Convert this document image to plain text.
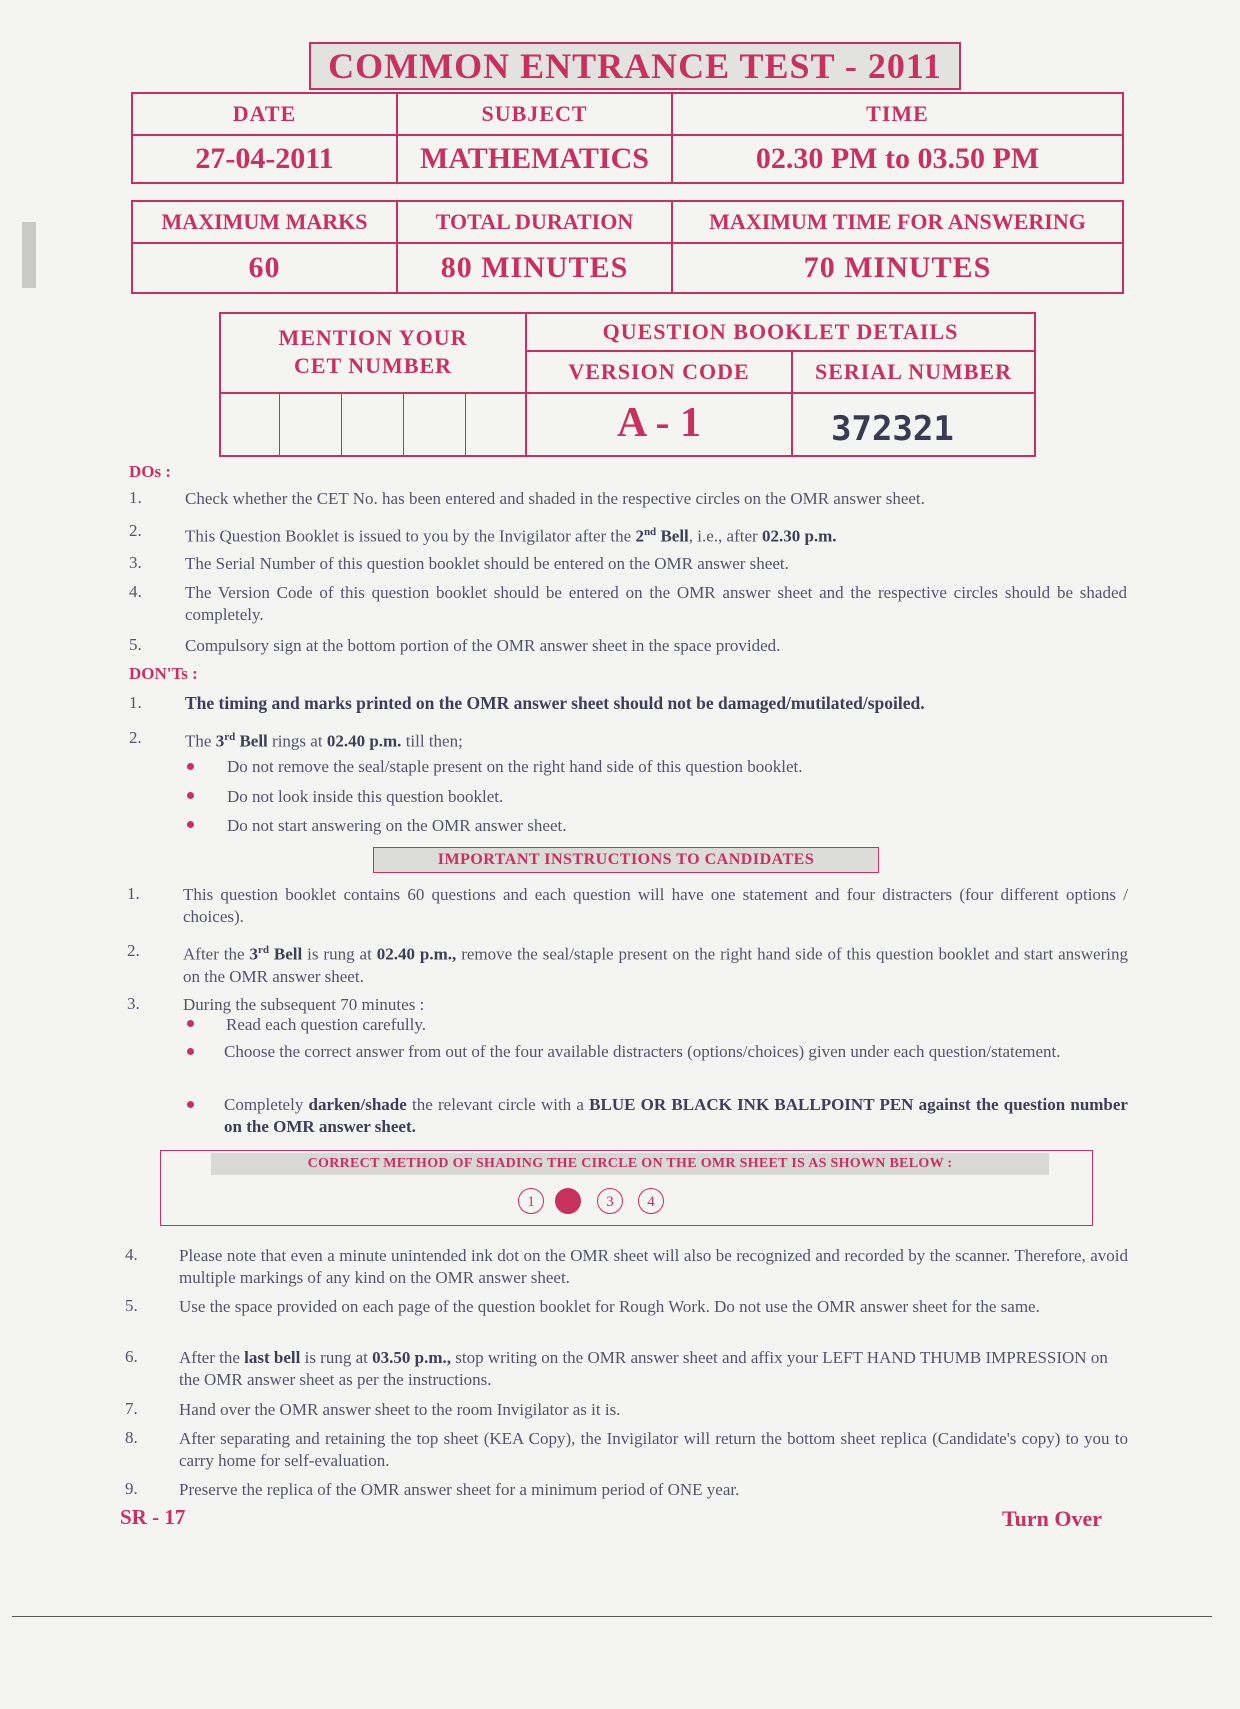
COMMON ENTRANCE TEST - 2011
DATE	SUBJECT	TIME
27-04-2011	MATHEMATICS	02.30 PM to 03.50 PM
MAXIMUM MARKS	TOTAL DURATION	MAXIMUM TIME FOR ANSWERING
60	80 MINUTES	70 MINUTES
MENTION YOUR
CET NUMBER
QUESTION BOOKLET DETAILS
VERSION CODE	SERIAL NUMBER
A - 1	372321
DOs :
1.	Check whether the CET No. has been entered and shaded in the respective circles on the OMR answer sheet.
2.	This Question Booklet is issued to you by the Invigilator after the 2nd Bell, i.e., after 02.30 p.m.
3.	The Serial Number of this question booklet should be entered on the OMR answer sheet.
4.	The Version Code of this question booklet should be entered on the OMR answer sheet and the respective circles should be shaded completely.
5.	Compulsory sign at the bottom portion of the OMR answer sheet in the space provided.
DON'Ts :
1. The timing and marks printed on the OMR answer sheet should not be damaged/mutilated/spoiled.
2.	The 3rd Bell rings at 02.40 p.m. till then;
Do not remove the seal/staple present on the right hand side of this question booklet.
Do not look inside this question booklet.
Do not start answering on the OMR answer sheet.
IMPORTANT INSTRUCTIONS TO CANDIDATES
1.	This question booklet contains 60 questions and each question will have one statement and four distracters (four different options / choices).
2.	After the 3rd Bell is rung at 02.40 p.m., remove the seal/staple present on the right hand side of this question booklet and start answering on the OMR answer sheet.
3.	During the subsequent 70 minutes :
Read each question carefully.
Choose the correct answer from out of the four available distracters (options/choices) given under each question/statement.
Completely darken/shade the relevant circle with a BLUE OR BLACK INK BALLPOINT PEN against the question number on the OMR answer sheet.
CORRECT METHOD OF SHADING THE CIRCLE ON THE OMR SHEET IS AS SHOWN BELOW :
1	3	4
4. Please note that even a minute unintended ink dot on the OMR sheet will also be recognized and recorded by the scanner. Therefore, avoid multiple markings of any kind on the OMR answer sheet.
5. Use the space provided on each page of the question booklet for Rough Work. Do not use the OMR answer sheet for the same.
6. After the last bell is rung at 03.50 p.m., stop writing on the OMR answer sheet and affix your LEFT HAND THUMB IMPRESSION on the OMR answer sheet as per the instructions.
7. Hand over the OMR answer sheet to the room Invigilator as it is.
8. After separating and retaining the top sheet (KEA Copy), the Invigilator will return the bottom sheet replica (Candidate's copy) to you to carry home for self-evaluation.
9. Preserve the replica of the OMR answer sheet for a minimum period of ONE year.
SR - 17	Turn Over
